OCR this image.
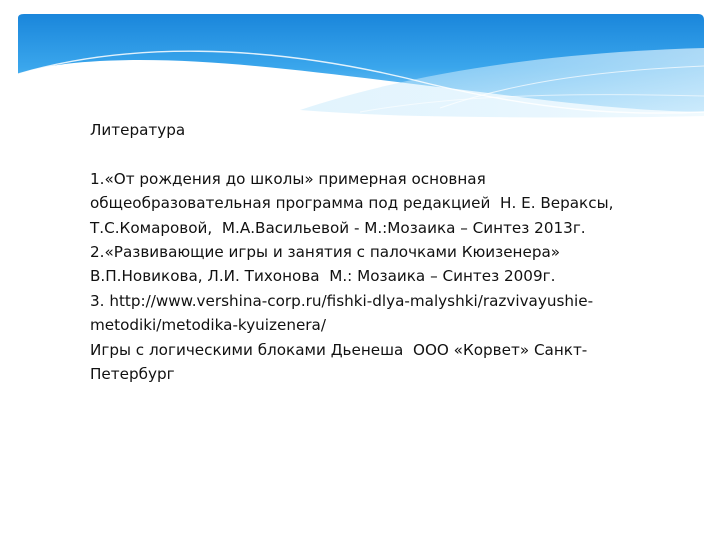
Литература

1.«От рождения до школы» примерная основная общеобразовательная программа под редакцией  Н. Е. Вераксы, Т.С.Комаровой,  М.А.Васильевой - М.:Мозаика – Синтез 2013г.

2.«Развивающие игры и занятия с палочками Кюизенера» В.П.Новикова, Л.И. Тихонова  М.: Мозаика – Синтез 2009г.

3. http://www.vershina-corp.ru/fishki-dlya-malyshki/razvivayushie-metodiki/metodika-kyuizenera/

Игры с логическими блоками Дьенеша  ООО «Корвет» Санкт- Петербург
